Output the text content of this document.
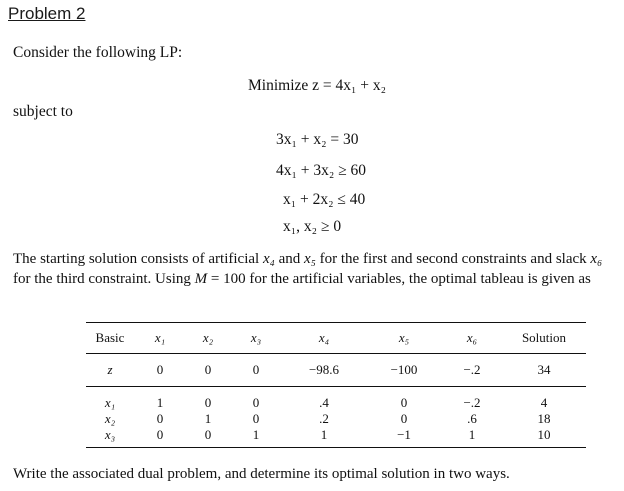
Problem 2
Consider the following LP:
Minimize z = 4x₁ + x₂
subject to
3x₁ + x₂ = 30
4x₁ + 3x₂ ≥ 60
x₁ + 2x₂ ≤ 40
x₁, x₂ ≥ 0
The starting solution consists of artificial x₄ and x₅ for the first and second constraints and slack x₆ for the third constraint. Using M = 100 for the artificial variables, the optimal tableau is given as
Basic	x₁	x₂	x₃	x₄	x₅	x₆	Solution
z	0	0	0	−98.6	−100	−.2	34
x₁	1	0	0	.4	0	−.2	4
x₂	0	1	0	.2	0	.6	18
x₃	0	0	1	1	−1	1	10
Write the associated dual problem, and determine its optimal solution in two ways.
